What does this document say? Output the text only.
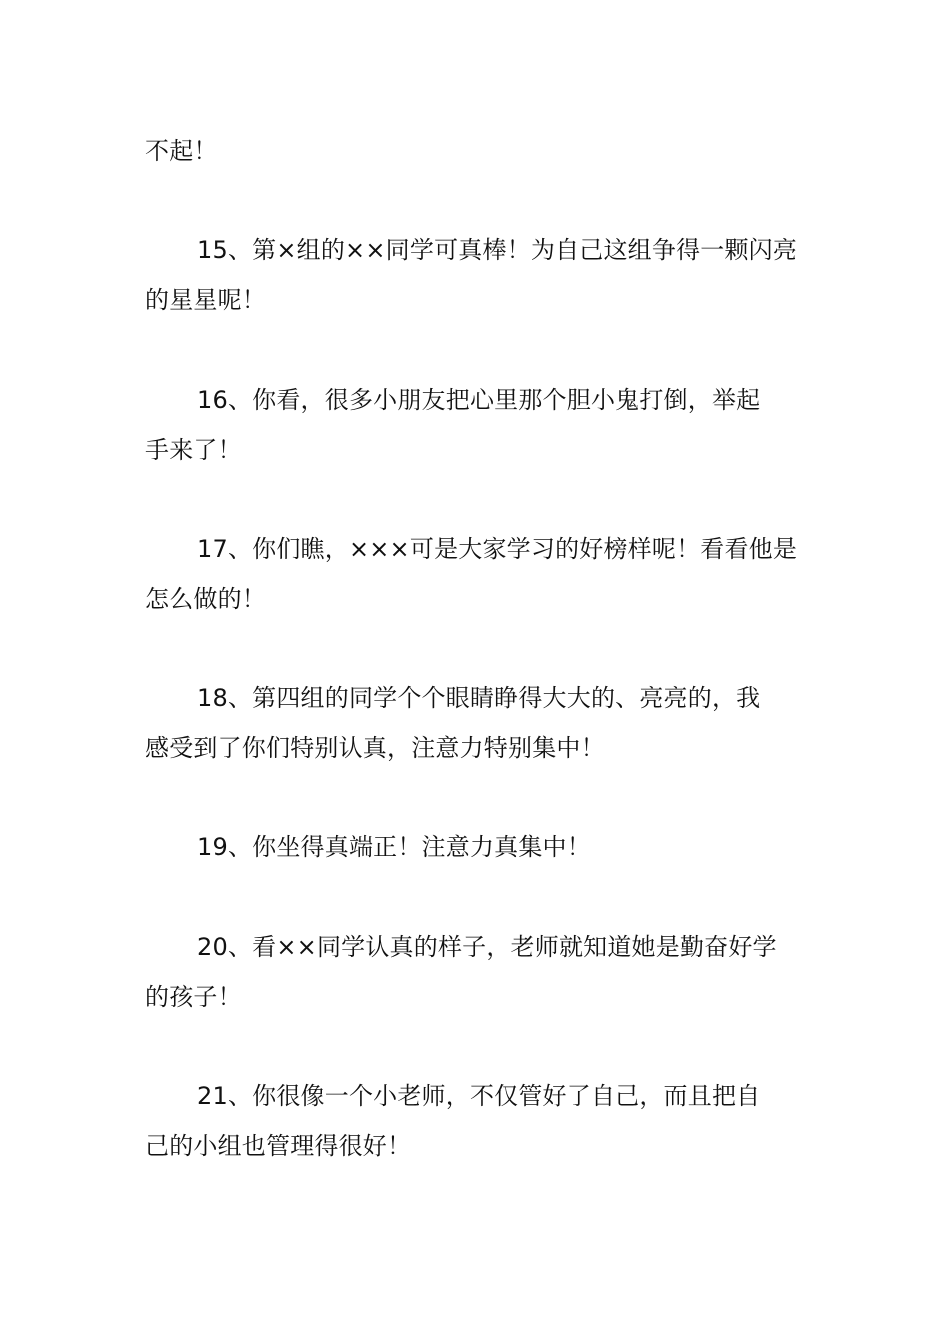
不起！

15、第×组的××同学可真棒！为自己这组争得一颗闪亮
的星星呢！

16、你看，很多小朋友把心里那个胆小鬼打倒，举起
手来了！

17、你们瞧，×××可是大家学习的好榜样呢！看看他是
怎么做的！

18、第四组的同学个个眼睛睁得大大的、亮亮的，我
感受到了你们特别认真，注意力特别集中！

19、你坐得真端正！注意力真集中！

20、看××同学认真的样子，老师就知道她是勤奋好学
的孩子！

21、你很像一个小老师，不仅管好了自己，而且把自
己的小组也管理得很好！
